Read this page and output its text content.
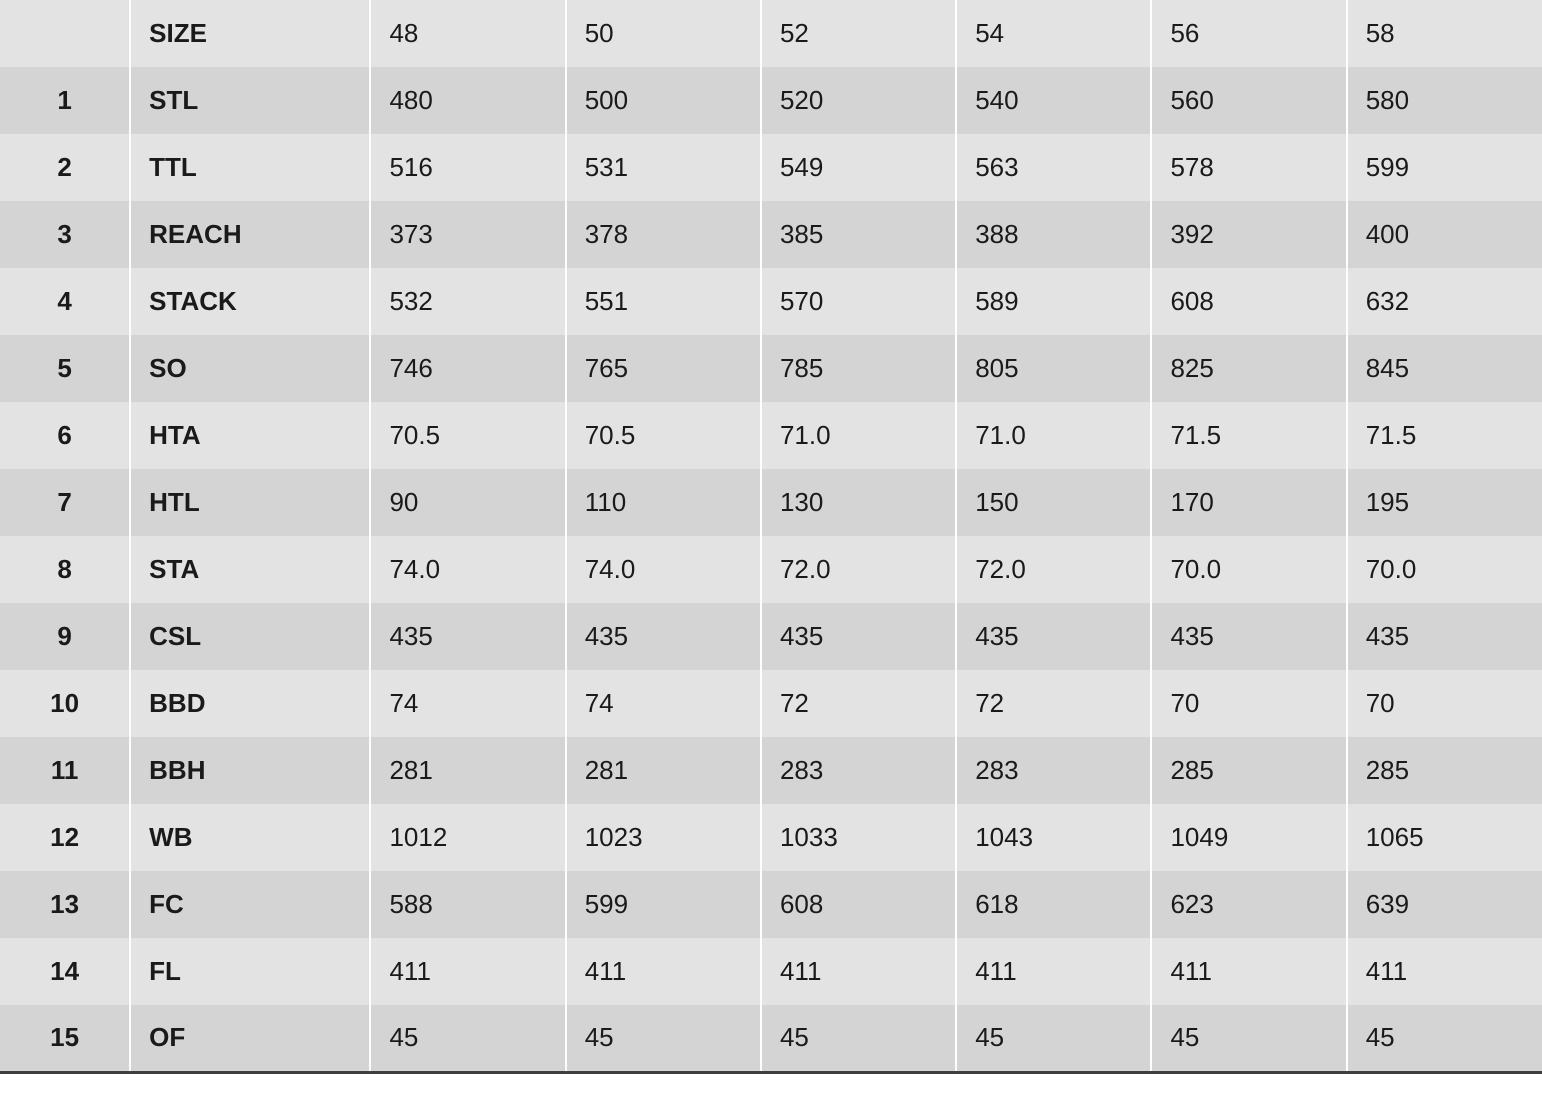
	SIZE	48	50	52	54	56	58
1	STL	480	500	520	540	560	580
2	TTL	516	531	549	563	578	599
3	REACH	373	378	385	388	392	400
4	STACK	532	551	570	589	608	632
5	SO	746	765	785	805	825	845
6	HTA	70.5	70.5	71.0	71.0	71.5	71.5
7	HTL	90	110	130	150	170	195
8	STA	74.0	74.0	72.0	72.0	70.0	70.0
9	CSL	435	435	435	435	435	435
10	BBD	74	74	72	72	70	70
11	BBH	281	281	283	283	285	285
12	WB	1012	1023	1033	1043	1049	1065
13	FC	588	599	608	618	623	639
14	FL	411	411	411	411	411	411
15	OF	45	45	45	45	45	45
